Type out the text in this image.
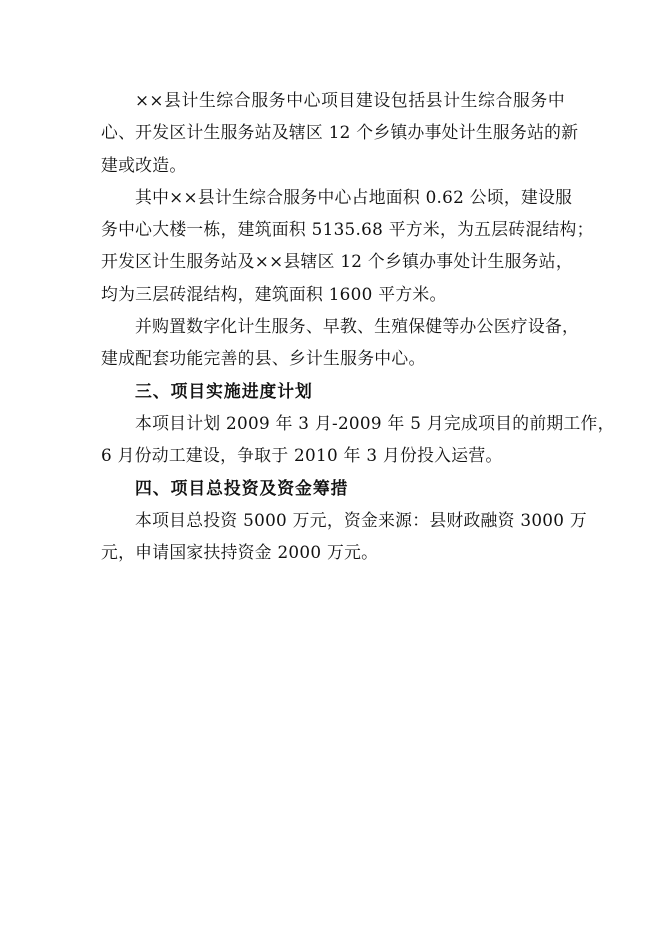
××县计生综合服务中心项目建设包括县计生综合服务中
心、开发区计生服务站及辖区 12 个乡镇办事处计生服务站的新
建或改造。
其中××县计生综合服务中心占地面积 0.62 公顷，建设服
务中心大楼一栋，建筑面积 5135.68 平方米，为五层砖混结构；
开发区计生服务站及××县辖区 12 个乡镇办事处计生服务站，
均为三层砖混结构，建筑面积 1600 平方米。
并购置数字化计生服务、早教、生殖保健等办公医疗设备，
建成配套功能完善的县、乡计生服务中心。
三、项目实施进度计划
本项目计划 2009 年 3 月-2009 年 5 月完成项目的前期工作，
6 月份动工建设，争取于 2010 年 3 月份投入运营。
四、项目总投资及资金筹措
本项目总投资 5000 万元，资金来源：县财政融资 3000 万
元，申请国家扶持资金 2000 万元。
